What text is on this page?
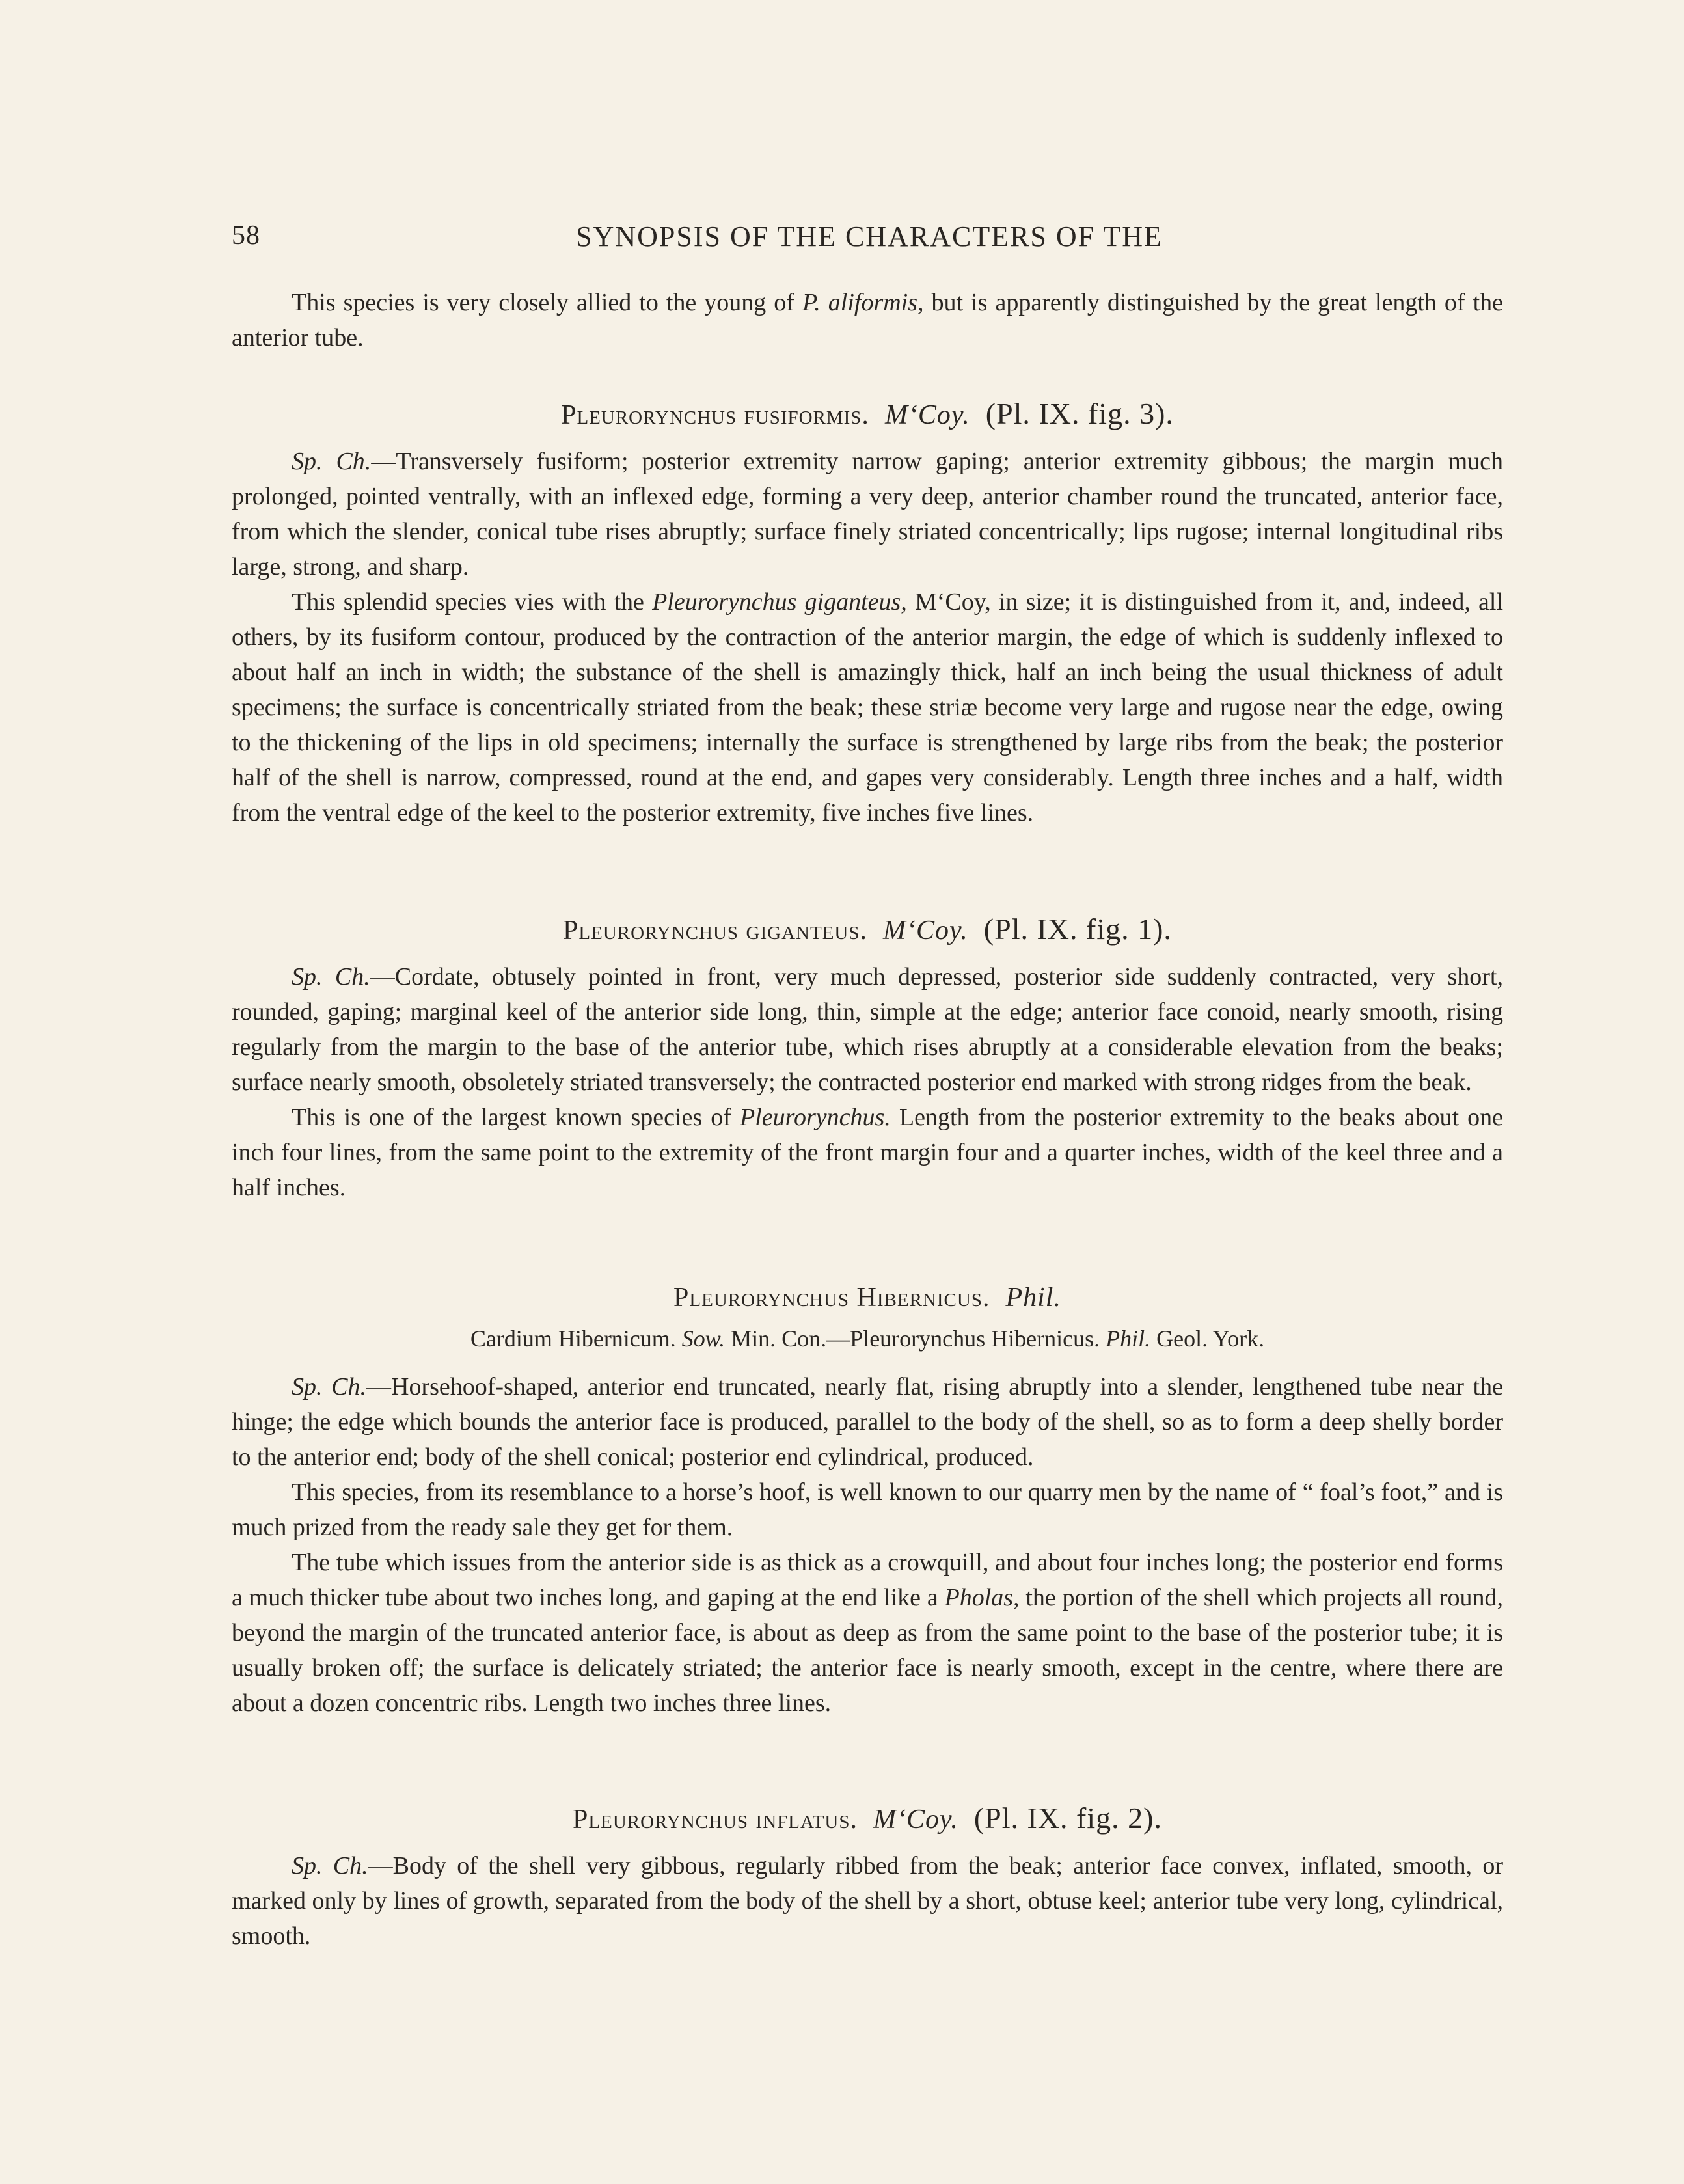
58	SYNOPSIS OF THE CHARACTERS OF THE

This species is very closely allied to the young of P. aliformis, but is apparently distinguished by the great length of the anterior tube.

Pleurorynchus fusiformis. M‘Coy. (Pl. IX. fig. 3).

Sp. Ch.—Transversely fusiform; posterior extremity narrow gaping; anterior extremity gibbous; the margin much prolonged, pointed ventrally, with an inflexed edge, forming a very deep, anterior chamber round the truncated, anterior face, from which the slender, conical tube rises abruptly; surface finely striated concentrically; lips rugose; internal longitudinal ribs large, strong, and sharp.

This splendid species vies with the Pleurorynchus giganteus, M‘Coy, in size; it is distinguished from it, and, indeed, all others, by its fusiform contour, produced by the contraction of the anterior margin, the edge of which is suddenly inflexed to about half an inch in width; the substance of the shell is amazingly thick, half an inch being the usual thickness of adult specimens; the surface is concentrically striated from the beak; these striæ become very large and rugose near the edge, owing to the thickening of the lips in old specimens; internally the surface is strengthened by large ribs from the beak; the posterior half of the shell is narrow, compressed, round at the end, and gapes very considerably. Length three inches and a half, width from the ventral edge of the keel to the posterior extremity, five inches five lines.

Pleurorynchus giganteus. M‘Coy. (Pl. IX. fig. 1).

Sp. Ch.—Cordate, obtusely pointed in front, very much depressed, posterior side suddenly contracted, very short, rounded, gaping; marginal keel of the anterior side long, thin, simple at the edge; anterior face conoid, nearly smooth, rising regularly from the margin to the base of the anterior tube, which rises abruptly at a considerable elevation from the beaks; surface nearly smooth, obsoletely striated transversely; the contracted posterior end marked with strong ridges from the beak.

This is one of the largest known species of Pleurorynchus. Length from the posterior extremity to the beaks about one inch four lines, from the same point to the extremity of the front margin four and a quarter inches, width of the keel three and a half inches.

Pleurorynchus Hibernicus. Phil.
Cardium Hibernicum. Sow. Min. Con.—Pleurorynchus Hibernicus. Phil. Geol. York.

Sp. Ch.—Horsehoof-shaped, anterior end truncated, nearly flat, rising abruptly into a slender, lengthened tube near the hinge; the edge which bounds the anterior face is produced, parallel to the body of the shell, so as to form a deep shelly border to the anterior end; body of the shell conical; posterior end cylindrical, produced.

This species, from its resemblance to a horse’s hoof, is well known to our quarry men by the name of “ foal’s foot,” and is much prized from the ready sale they get for them.

The tube which issues from the anterior side is as thick as a crowquill, and about four inches long; the posterior end forms a much thicker tube about two inches long, and gaping at the end like a Pholas, the portion of the shell which projects all round, beyond the margin of the truncated anterior face, is about as deep as from the same point to the base of the posterior tube; it is usually broken off; the surface is delicately striated; the anterior face is nearly smooth, except in the centre, where there are about a dozen concentric ribs. Length two inches three lines.

Pleurorynchus inflatus. M‘Coy. (Pl. IX. fig. 2).

Sp. Ch.—Body of the shell very gibbous, regularly ribbed from the beak; anterior face convex, inflated, smooth, or marked only by lines of growth, separated from the body of the shell by a short, obtuse keel; anterior tube very long, cylindrical, smooth.
